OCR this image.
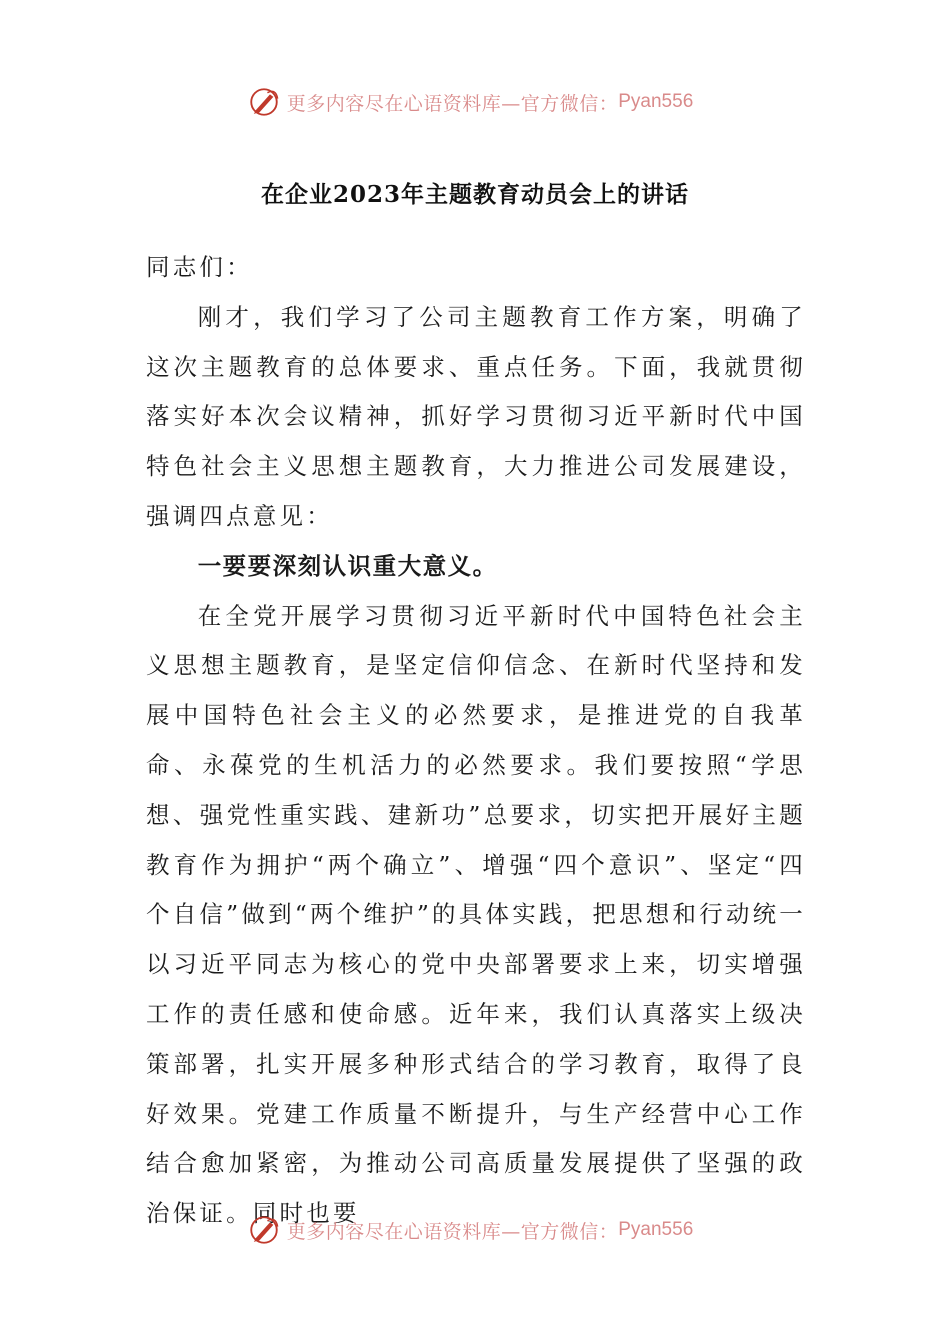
更多内容尽在心语资料库—官方微信： Pyan556
在企业2023年主题教育动员会上的讲话

同志们：

刚才，我们学习了公司主题教育工作方案，明确了这次主题教育的总体要求、重点任务。下面，我就贯彻落实好本次会议精神，抓好学习贯彻习近平新时代中国特色社会主义思想主题教育，大力推进公司发展建设，强调四点意见：

一要要深刻认识重大意义。

在全党开展学习贯彻习近平新时代中国特色社会主义思想主题教育，是坚定信仰信念、在新时代坚持和发展中国特色社会主义的必然要求，是推进党的自我革命、永葆党的生机活力的必然要求。我们要按照“学思想、强党性重实践、建新功”总要求，切实把开展好主题教育作为拥护“两个确立”、增强“四个意识”、坚定“四个自信”做到“两个维护”的具体实践，把思想和行动统一以习近平同志为核心的党中央部署要求上来，切实增强工作的责任感和使命感。近年来，我们认真落实上级决策部署，扎实开展多种形式结合的学习教育，取得了良好效果。党建工作质量不断提升，与生产经营中心工作结合愈加紧密，为推动公司高质量发展提供了坚强的政治保证。同时也要

更多内容尽在心语资料库—官方微信： Pyan556
